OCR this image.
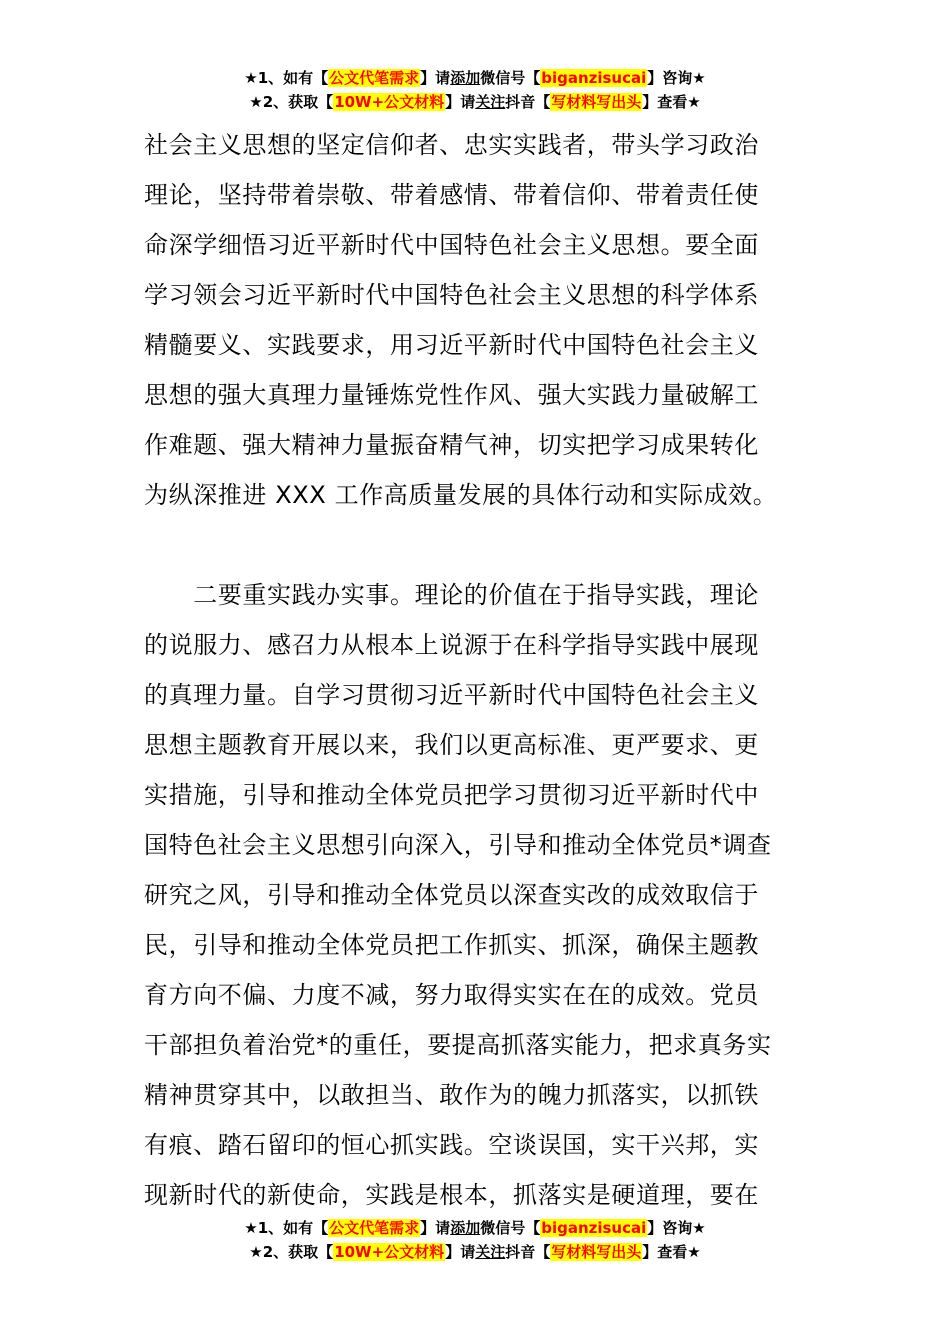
★1、如有【公文代笔需求】请添加微信号【biganzisucai】咨询★
★2、获取【10W+公文材料】请关注抖音【写材料写出头】查看★
社会主义思想的坚定信仰者、忠实实践者，带头学习政治
理论，坚持带着崇敬、带着感情、带着信仰、带着责任使
命深学细悟习近平新时代中国特色社会主义思想。要全面
学习领会习近平新时代中国特色社会主义思想的科学体系
精髓要义、实践要求，用习近平新时代中国特色社会主义
思想的强大真理力量锤炼党性作风、强大实践力量破解工
作难题、强大精神力量振奋精气神，切实把学习成果转化
为纵深推进 XXX 工作高质量发展的具体行动和实际成效。
　　二要重实践办实事。理论的价值在于指导实践，理论
的说服力、感召力从根本上说源于在科学指导实践中展现
的真理力量。自学习贯彻习近平新时代中国特色社会主义
思想主题教育开展以来，我们以更高标准、更严要求、更
实措施，引导和推动全体党员把学习贯彻习近平新时代中
国特色社会主义思想引向深入，引导和推动全体党员*调查
研究之风，引导和推动全体党员以深查实改的成效取信于
民，引导和推动全体党员把工作抓实、抓深，确保主题教
育方向不偏、力度不减，努力取得实实在在的成效。党员
干部担负着治党*的重任，要提高抓落实能力，把求真务实
精神贯穿其中，以敢担当、敢作为的魄力抓落实，以抓铁
有痕、踏石留印的恒心抓实践。空谈误国，实干兴邦，实
现新时代的新使命，实践是根本，抓落实是硬道理，要在
★1、如有【公文代笔需求】请添加微信号【biganzisucai】咨询★
★2、获取【10W+公文材料】请关注抖音【写材料写出头】查看★
